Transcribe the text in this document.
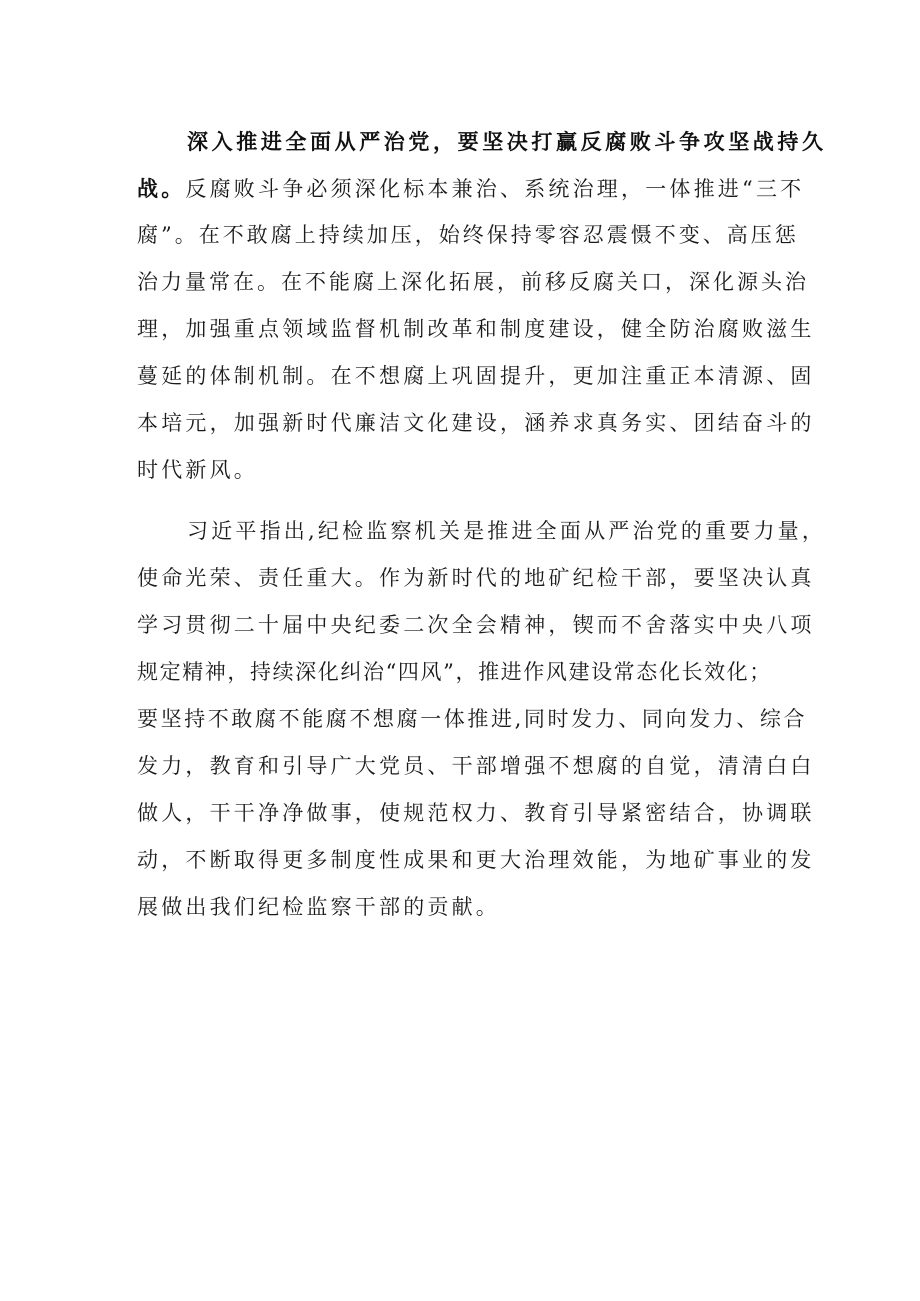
深入推进全面从严治党，要坚决打赢反腐败斗争攻坚战持久
战。反腐败斗争必须深化标本兼治、系统治理，一体推进“三不
腐”。在不敢腐上持续加压，始终保持零容忍震慑不变、高压惩
治力量常在。在不能腐上深化拓展，前移反腐关口，深化源头治
理，加强重点领域监督机制改革和制度建设，健全防治腐败滋生
蔓延的体制机制。在不想腐上巩固提升，更加注重正本清源、固
本培元，加强新时代廉洁文化建设，涵养求真务实、团结奋斗的
时代新风。
习近平指出,纪检监察机关是推进全面从严治党的重要力量，
使命光荣、责任重大。作为新时代的地矿纪检干部，要坚决认真
学习贯彻二十届中央纪委二次全会精神，锲而不舍落实中央八项
规定精神，持续深化纠治“四风”，推进作风建设常态化长效化；
要坚持不敢腐不能腐不想腐一体推进,同时发力、同向发力、综合
发力，教育和引导广大党员、干部增强不想腐的自觉，清清白白
做人，干干净净做事，使规范权力、教育引导紧密结合，协调联
动，不断取得更多制度性成果和更大治理效能，为地矿事业的发
展做出我们纪检监察干部的贡献。
